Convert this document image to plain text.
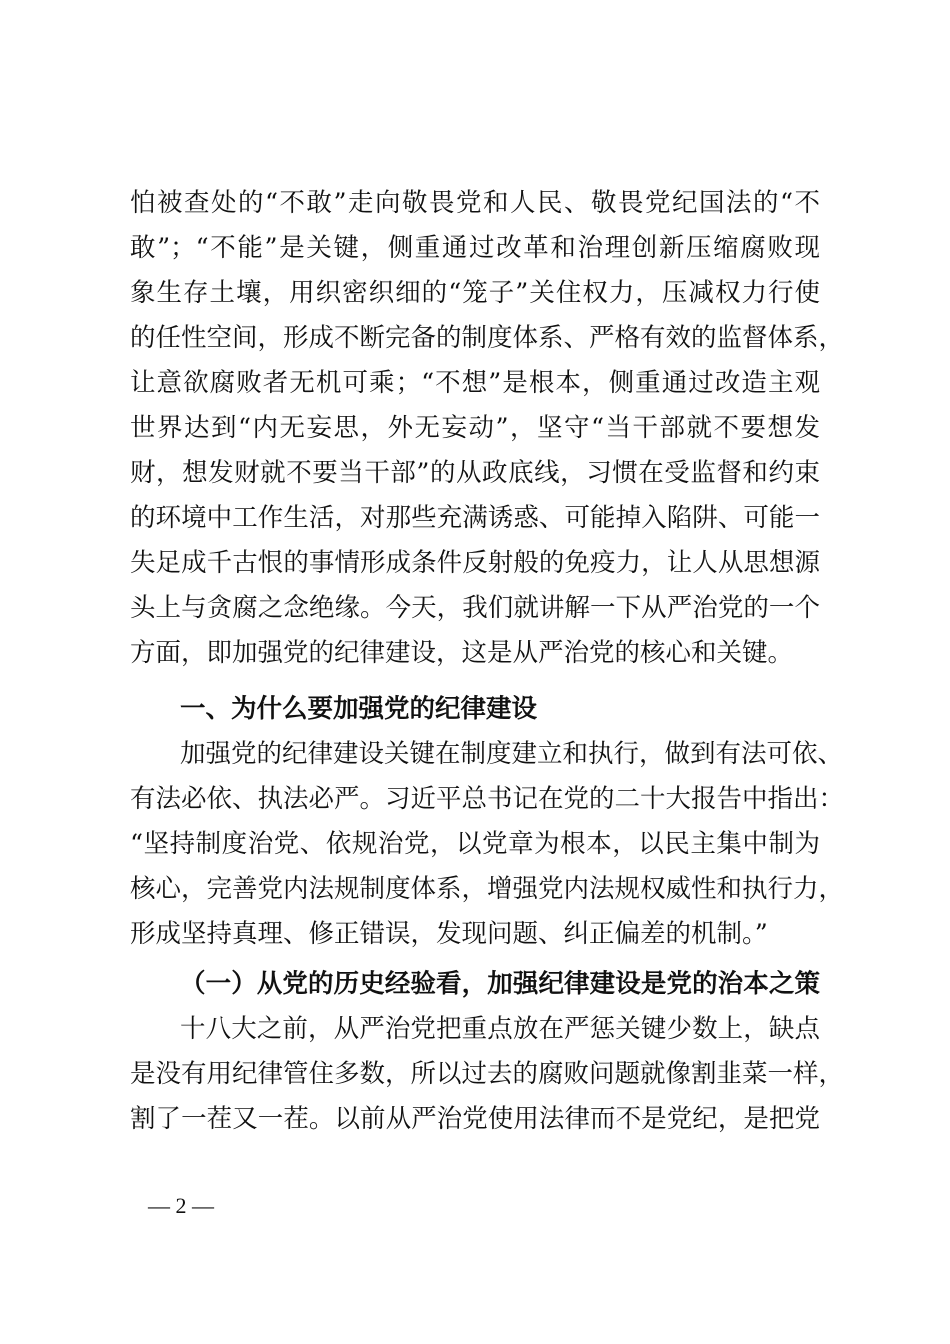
怕被查处的“不敢”走向敬畏党和人民、敬畏党纪国法的“不
敢”；“不能”是关键，侧重通过改革和治理创新压缩腐败现
象生存土壤，用织密织细的“笼子”关住权力，压减权力行使
的任性空间，形成不断完备的制度体系、严格有效的监督体系，
让意欲腐败者无机可乘；“不想”是根本，侧重通过改造主观
世界达到“内无妄思，外无妄动”，坚守“当干部就不要想发
财，想发财就不要当干部”的从政底线，习惯在受监督和约束
的环境中工作生活，对那些充满诱惑、可能掉入陷阱、可能一
失足成千古恨的事情形成条件反射般的免疫力，让人从思想源
头上与贪腐之念绝缘。今天，我们就讲解一下从严治党的一个
方面，即加强党的纪律建设，这是从严治党的核心和关键。
一、为什么要加强党的纪律建设
加强党的纪律建设关键在制度建立和执行，做到有法可依、
有法必依、执法必严。习近平总书记在党的二十大报告中指出：
“坚持制度治党、依规治党，以党章为根本，以民主集中制为
核心，完善党内法规制度体系，增强党内法规权威性和执行力，
形成坚持真理、修正错误，发现问题、纠正偏差的机制。”
（一）从党的历史经验看，加强纪律建设是党的治本之策
十八大之前，从严治党把重点放在严惩关键少数上，缺点
是没有用纪律管住多数，所以过去的腐败问题就像割韭菜一样，
割了一茬又一茬。以前从严治党使用法律而不是党纪，是把党
— 2 —
